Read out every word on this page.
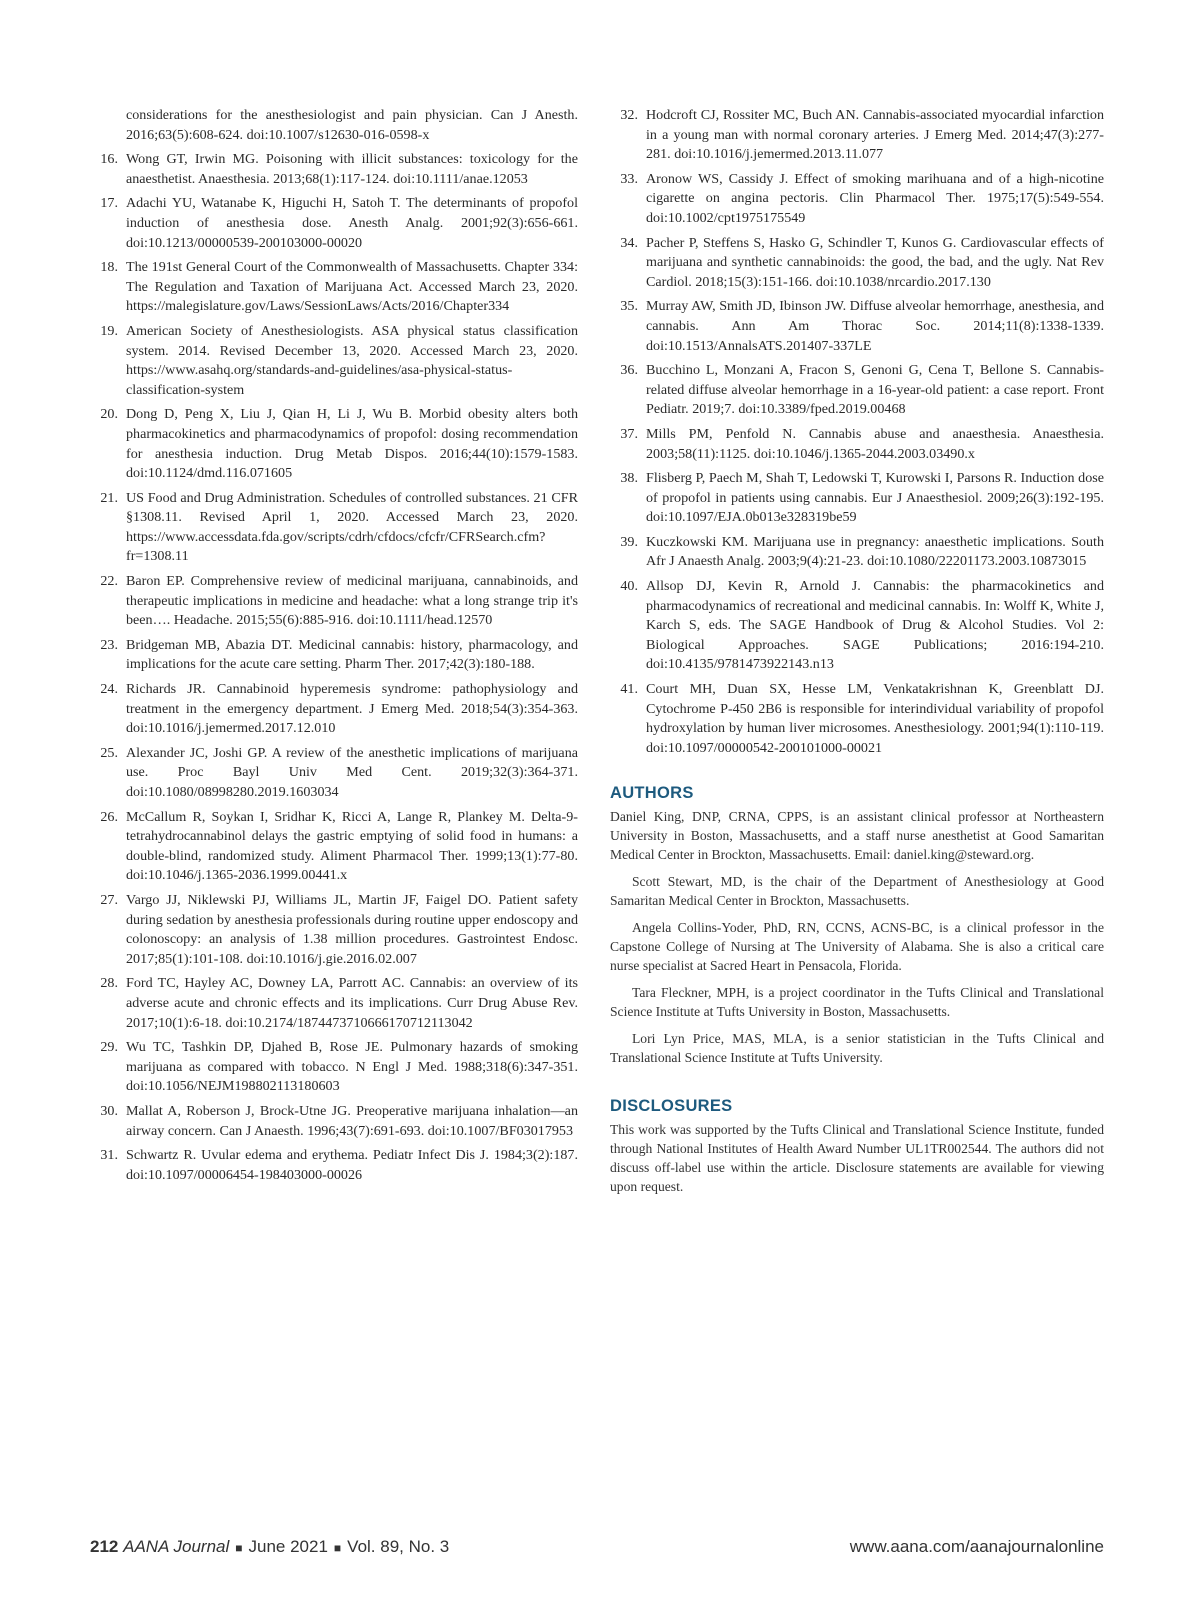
considerations for the anesthesiologist and pain physician. Can J Anesth. 2016;63(5):608-624. doi:10.1007/s12630-016-0598-x
16. Wong GT, Irwin MG. Poisoning with illicit substances: toxicology for the anaesthetist. Anaesthesia. 2013;68(1):117-124. doi:10.1111/anae.12053
17. Adachi YU, Watanabe K, Higuchi H, Satoh T. The determinants of propofol induction of anesthesia dose. Anesth Analg. 2001;92(3):656-661. doi:10.1213/00000539-200103000-00020
18. The 191st General Court of the Commonwealth of Massachusetts. Chapter 334: The Regulation and Taxation of Marijuana Act. Accessed March 23, 2020. https://malegislature.gov/Laws/SessionLaws/Acts/2016/Chapter334
19. American Society of Anesthesiologists. ASA physical status classification system. 2014. Revised December 13, 2020. Accessed March 23, 2020. https://www.asahq.org/standards-and-guidelines/asa-physical-status-classification-system
20. Dong D, Peng X, Liu J, Qian H, Li J, Wu B. Morbid obesity alters both pharmacokinetics and pharmacodynamics of propofol: dosing recommendation for anesthesia induction. Drug Metab Dispos. 2016;44(10):1579-1583. doi:10.1124/dmd.116.071605
21. US Food and Drug Administration. Schedules of controlled substances. 21 CFR §1308.11. Revised April 1, 2020. Accessed March 23, 2020. https://www.accessdata.fda.gov/scripts/cdrh/cfdocs/cfcfr/CFRSearch.cfm?fr=1308.11
22. Baron EP. Comprehensive review of medicinal marijuana, cannabinoids, and therapeutic implications in medicine and headache: what a long strange trip it's been…. Headache. 2015;55(6):885-916. doi:10.1111/head.12570
23. Bridgeman MB, Abazia DT. Medicinal cannabis: history, pharmacology, and implications for the acute care setting. Pharm Ther. 2017;42(3):180-188.
24. Richards JR. Cannabinoid hyperemesis syndrome: pathophysiology and treatment in the emergency department. J Emerg Med. 2018;54(3):354-363. doi:10.1016/j.jemermed.2017.12.010
25. Alexander JC, Joshi GP. A review of the anesthetic implications of marijuana use. Proc Bayl Univ Med Cent. 2019;32(3):364-371. doi:10.1080/08998280.2019.1603034
26. McCallum R, Soykan I, Sridhar K, Ricci A, Lange R, Plankey M. Delta-9-tetrahydrocannabinol delays the gastric emptying of solid food in humans: a double-blind, randomized study. Aliment Pharmacol Ther. 1999;13(1):77-80. doi:10.1046/j.1365-2036.1999.00441.x
27. Vargo JJ, Niklewski PJ, Williams JL, Martin JF, Faigel DO. Patient safety during sedation by anesthesia professionals during routine upper endoscopy and colonoscopy: an analysis of 1.38 million procedures. Gastrointest Endosc. 2017;85(1):101-108. doi:10.1016/j.gie.2016.02.007
28. Ford TC, Hayley AC, Downey LA, Parrott AC. Cannabis: an overview of its adverse acute and chronic effects and its implications. Curr Drug Abuse Rev. 2017;10(1):6-18. doi:10.2174/1874473710666170712113042
29. Wu TC, Tashkin DP, Djahed B, Rose JE. Pulmonary hazards of smoking marijuana as compared with tobacco. N Engl J Med. 1988;318(6):347-351. doi:10.1056/NEJM198802113180603
30. Mallat A, Roberson J, Brock-Utne JG. Preoperative marijuana inhalation—an airway concern. Can J Anaesth. 1996;43(7):691-693. doi:10.1007/BF03017953
31. Schwartz R. Uvular edema and erythema. Pediatr Infect Dis J. 1984;3(2):187. doi:10.1097/00006454-198403000-00026
32. Hodcroft CJ, Rossiter MC, Buch AN. Cannabis-associated myocardial infarction in a young man with normal coronary arteries. J Emerg Med. 2014;47(3):277-281. doi:10.1016/j.jemermed.2013.11.077
33. Aronow WS, Cassidy J. Effect of smoking marihuana and of a high-nicotine cigarette on angina pectoris. Clin Pharmacol Ther. 1975;17(5):549-554. doi:10.1002/cpt1975175549
34. Pacher P, Steffens S, Hasko G, Schindler T, Kunos G. Cardiovascular effects of marijuana and synthetic cannabinoids: the good, the bad, and the ugly. Nat Rev Cardiol. 2018;15(3):151-166. doi:10.1038/nrcardio.2017.130
35. Murray AW, Smith JD, Ibinson JW. Diffuse alveolar hemorrhage, anesthesia, and cannabis. Ann Am Thorac Soc. 2014;11(8):1338-1339. doi:10.1513/AnnalsATS.201407-337LE
36. Bucchino L, Monzani A, Fracon S, Genoni G, Cena T, Bellone S. Cannabis-related diffuse alveolar hemorrhage in a 16-year-old patient: a case report. Front Pediatr. 2019;7. doi:10.3389/fped.2019.00468
37. Mills PM, Penfold N. Cannabis abuse and anaesthesia. Anaesthesia. 2003;58(11):1125. doi:10.1046/j.1365-2044.2003.03490.x
38. Flisberg P, Paech M, Shah T, Ledowski T, Kurowski I, Parsons R. Induction dose of propofol in patients using cannabis. Eur J Anaesthesiol. 2009;26(3):192-195. doi:10.1097/EJA.0b013e328319be59
39. Kuczkowski KM. Marijuana use in pregnancy: anaesthetic implications. South Afr J Anaesth Analg. 2003;9(4):21-23. doi:10.1080/22201173.2003.10873015
40. Allsop DJ, Kevin R, Arnold J. Cannabis: the pharmacokinetics and pharmacodynamics of recreational and medicinal cannabis. In: Wolff K, White J, Karch S, eds. The SAGE Handbook of Drug & Alcohol Studies. Vol 2: Biological Approaches. SAGE Publications; 2016:194-210. doi:10.4135/9781473922143.n13
41. Court MH, Duan SX, Hesse LM, Venkatakrishnan K, Greenblatt DJ. Cytochrome P-450 2B6 is responsible for interindividual variability of propofol hydroxylation by human liver microsomes. Anesthesiology. 2001;94(1):110-119. doi:10.1097/00000542-200101000-00021
AUTHORS

Daniel King, DNP, CRNA, CPPS, is an assistant clinical professor at Northeastern University in Boston, Massachusetts, and a staff nurse anesthetist at Good Samaritan Medical Center in Brockton, Massachusetts. Email: daniel.king@steward.org.

Scott Stewart, MD, is the chair of the Department of Anesthesiology at Good Samaritan Medical Center in Brockton, Massachusetts.

Angela Collins-Yoder, PhD, RN, CCNS, ACNS-BC, is a clinical professor in the Capstone College of Nursing at The University of Alabama. She is also a critical care nurse specialist at Sacred Heart in Pensacola, Florida.

Tara Fleckner, MPH, is a project coordinator in the Tufts Clinical and Translational Science Institute at Tufts University in Boston, Massachusetts.

Lori Lyn Price, MAS, MLA, is a senior statistician in the Tufts Clinical and Translational Science Institute at Tufts University.

DISCLOSURES

This work was supported by the Tufts Clinical and Translational Science Institute, funded through National Institutes of Health Award Number UL1TR002544. The authors did not discuss off-label use within the article. Disclosure statements are available for viewing upon request.

212 AANA Journal ■ June 2021 ■ Vol. 89, No. 3	www.aana.com/aanajournalonline
